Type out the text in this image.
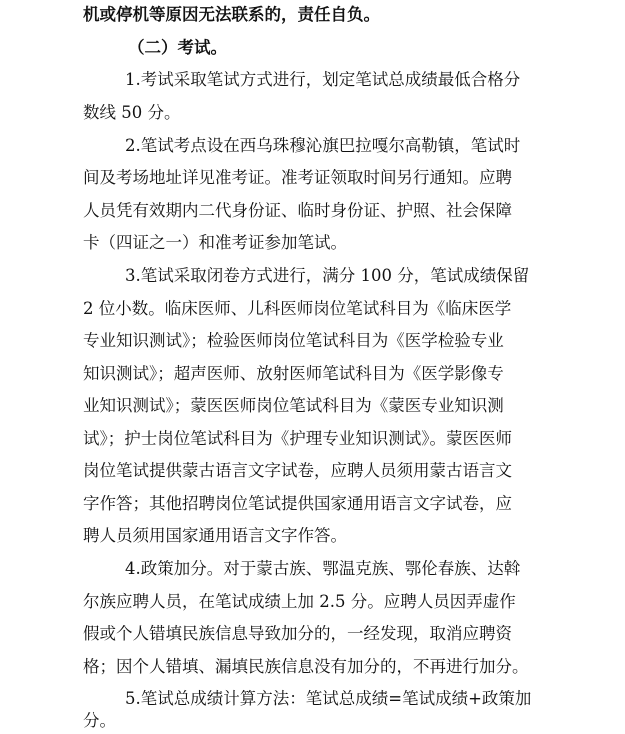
机或停机等原因无法联系的，责任自负。
（二）考试。
1.考试采取笔试方式进行，划定笔试总成绩最低合格分
数线 50 分。
2.笔试考点设在西乌珠穆沁旗巴拉嘎尔高勒镇，笔试时
间及考场地址详见准考证。准考证领取时间另行通知。应聘
人员凭有效期内二代身份证、临时身份证、护照、社会保障
卡（四证之一）和准考证参加笔试。
3.笔试采取闭卷方式进行，满分 100 分，笔试成绩保留
2 位小数。临床医师、儿科医师岗位笔试科目为《临床医学
专业知识测试》；检验医师岗位笔试科目为《医学检验专业
知识测试》；超声医师、放射医师笔试科目为《医学影像专
业知识测试》；蒙医医师岗位笔试科目为《蒙医专业知识测
试》；护士岗位笔试科目为《护理专业知识测试》。蒙医医师
岗位笔试提供蒙古语言文字试卷，应聘人员须用蒙古语言文
字作答；其他招聘岗位笔试提供国家通用语言文字试卷，应
聘人员须用国家通用语言文字作答。
4.政策加分。对于蒙古族、鄂温克族、鄂伦春族、达斡
尔族应聘人员，在笔试成绩上加 2.5 分。应聘人员因弄虚作
假或个人错填民族信息导致加分的，一经发现，取消应聘资
格；因个人错填、漏填民族信息没有加分的，不再进行加分。
5.笔试总成绩计算方法：笔试总成绩=笔试成绩+政策加
分。
